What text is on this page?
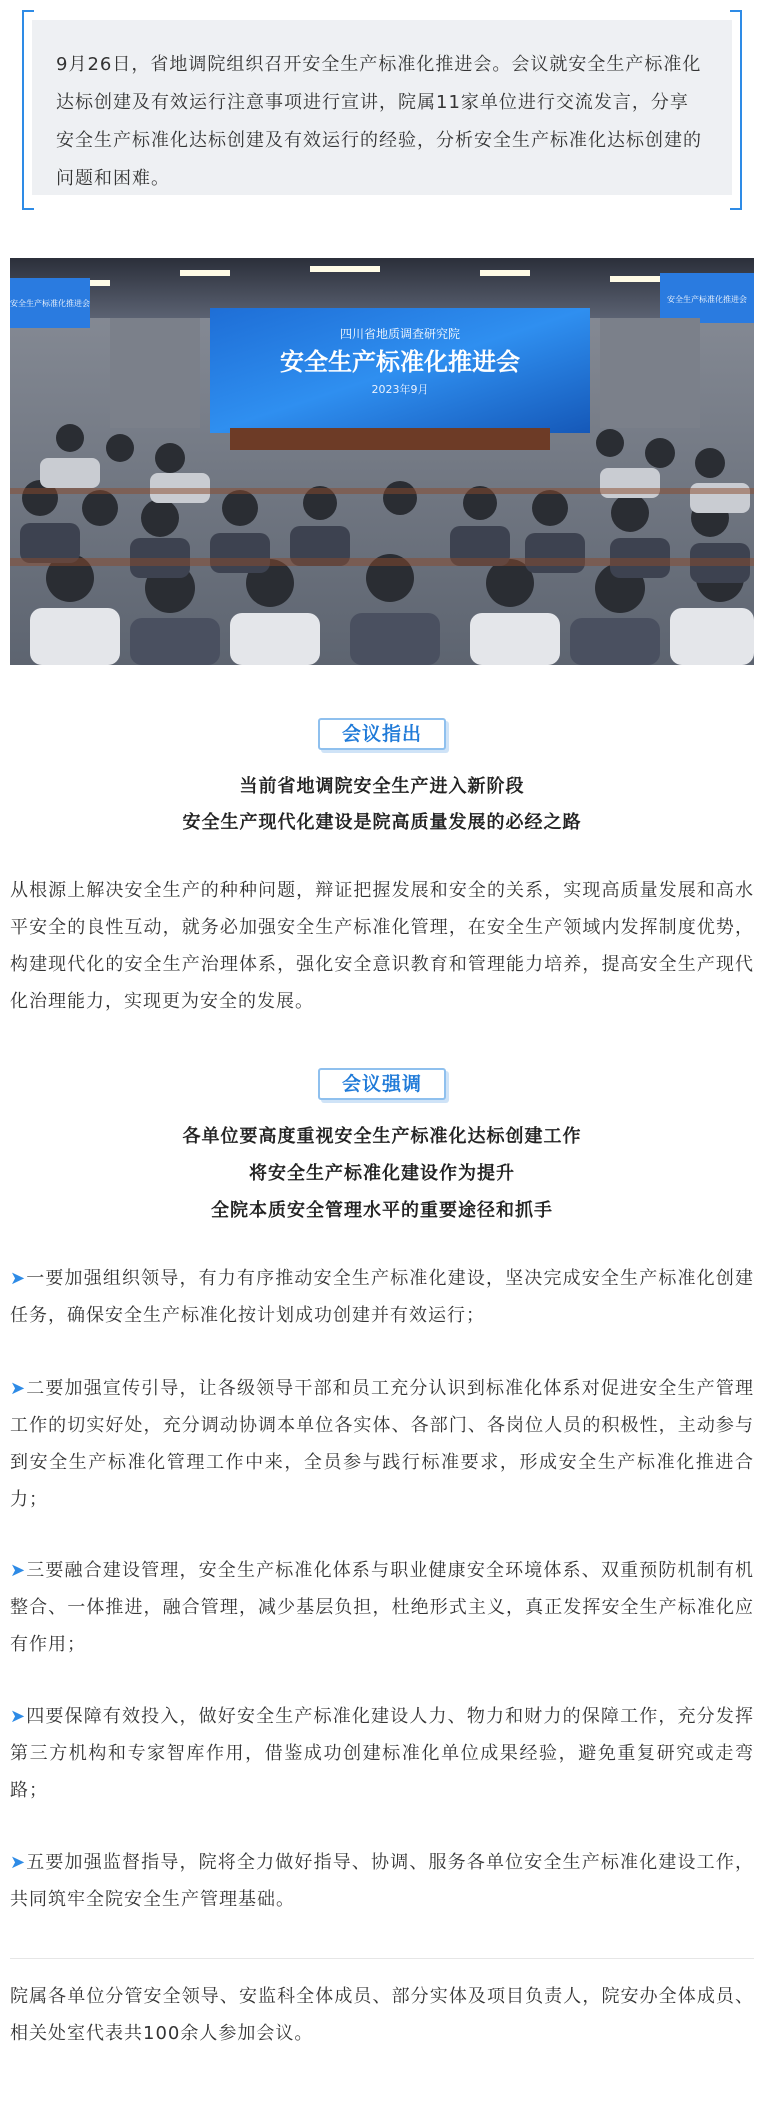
9月26日，省地调院组织召开安全生产标准化推进会。会议就安全生产标准化达标创建及有效运行注意事项进行宣讲，院属11家单位进行交流发言，分享安全生产标准化达标创建及有效运行的经验，分析安全生产标准化达标创建的问题和困难。
四川省地质调查研究院
安全生产标准化推进会
2023年9月
安全生产标准化推进会	安全生产标准化推进会
会议指出
当前省地调院安全生产进入新阶段
安全生产现代化建设是院高质量发展的必经之路

从根源上解决安全生产的种种问题，辩证把握发展和安全的关系，实现高质量发展和高水平安全的良性互动，就务必加强安全生产标准化管理，在安全生产领域内发挥制度优势，构建现代化的安全生产治理体系，强化安全意识教育和管理能力培养，提高安全生产现代化治理能力，实现更为安全的发展。

会议强调
各单位要高度重视安全生产标准化达标创建工作
将安全生产标准化建设作为提升
全院本质安全管理水平的重要途径和抓手

➤一要加强组织领导，有力有序推动安全生产标准化建设，坚决完成安全生产标准化创建任务，确保安全生产标准化按计划成功创建并有效运行；

➤二要加强宣传引导，让各级领导干部和员工充分认识到标准化体系对促进安全生产管理工作的切实好处，充分调动协调本单位各实体、各部门、各岗位人员的积极性，主动参与到安全生产标准化管理工作中来，全员参与践行标准要求，形成安全生产标准化推进合力；

➤三要融合建设管理，安全生产标准化体系与职业健康安全环境体系、双重预防机制有机整合、一体推进，融合管理，减少基层负担，杜绝形式主义，真正发挥安全生产标准化应有作用；

➤四要保障有效投入，做好安全生产标准化建设人力、物力和财力的保障工作，充分发挥第三方机构和专家智库作用，借鉴成功创建标准化单位成果经验，避免重复研究或走弯路；

➤五要加强监督指导，院将全力做好指导、协调、服务各单位安全生产标准化建设工作，共同筑牢全院安全生产管理基础。

院属各单位分管安全领导、安监科全体成员、部分实体及项目负责人，院安办全体成员、相关处室代表共100余人参加会议。
